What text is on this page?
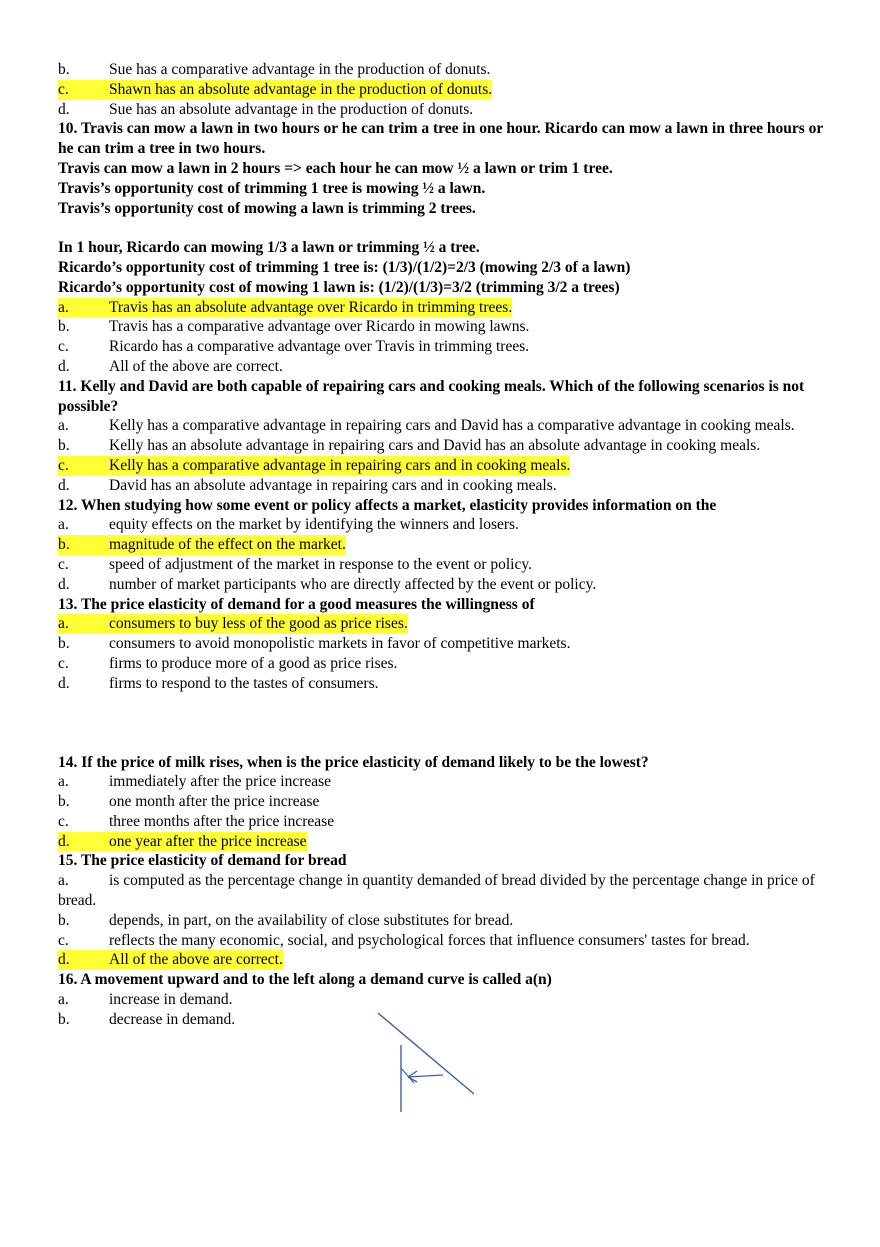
b.	Sue has a comparative advantage in the production of donuts.
c.	Shawn has an absolute advantage in the production of donuts.
d.	Sue has an absolute advantage in the production of donuts.
10. Travis can mow a lawn in two hours or he can trim a tree in one hour. Ricardo can mow a lawn in three hours or he can trim a tree in two hours.
Travis can mow a lawn in 2 hours => each hour he can mow ½ a lawn or trim 1 tree.
Travis’s opportunity cost of trimming 1 tree is mowing ½ a lawn.
Travis’s opportunity cost of mowing a lawn is trimming 2 trees.
In 1 hour, Ricardo can mowing 1/3 a lawn or trimming ½ a tree.
Ricardo’s opportunity cost of trimming 1 tree is: (1/3)/(1/2)=2/3 (mowing 2/3 of a lawn)
Ricardo’s opportunity cost of mowing 1 lawn is: (1/2)/(1/3)=3/2 (trimming 3/2 a trees)
a.	Travis has an absolute advantage over Ricardo in trimming trees.
b.	Travis has a comparative advantage over Ricardo in mowing lawns.
c.	Ricardo has a comparative advantage over Travis in trimming trees.
d.	All of the above are correct.
11. Kelly and David are both capable of repairing cars and cooking meals. Which of the following scenarios is not possible?
a.	Kelly has a comparative advantage in repairing cars and David has a comparative advantage in cooking meals.
b.	Kelly has an absolute advantage in repairing cars and David has an absolute advantage in cooking meals.
c.	Kelly has a comparative advantage in repairing cars and in cooking meals.
d.	David has an absolute advantage in repairing cars and in cooking meals.
12. When studying how some event or policy affects a market, elasticity provides information on the
a.	equity effects on the market by identifying the winners and losers.
b.	magnitude of the effect on the market.
c.	speed of adjustment of the market in response to the event or policy.
d.	number of market participants who are directly affected by the event or policy.
13. The price elasticity of demand for a good measures the willingness of
a.	consumers to buy less of the good as price rises.
b.	consumers to avoid monopolistic markets in favor of competitive markets.
c.	firms to produce more of a good as price rises.
d.	firms to respond to the tastes of consumers.
14. If the price of milk rises, when is the price elasticity of demand likely to be the lowest?
a.	immediately after the price increase
b.	one month after the price increase
c.	three months after the price increase
d.	one year after the price increase
15. The price elasticity of demand for bread
a.	is computed as the percentage change in quantity demanded of bread divided by the percentage change in price of bread.
b.	depends, in part, on the availability of close substitutes for bread.
c.	reflects the many economic, social, and psychological forces that influence consumers' tastes for bread.
d.	All of the above are correct.
16. A movement upward and to the left along a demand curve is called a(n)
a.	increase in demand.
b.	decrease in demand.
